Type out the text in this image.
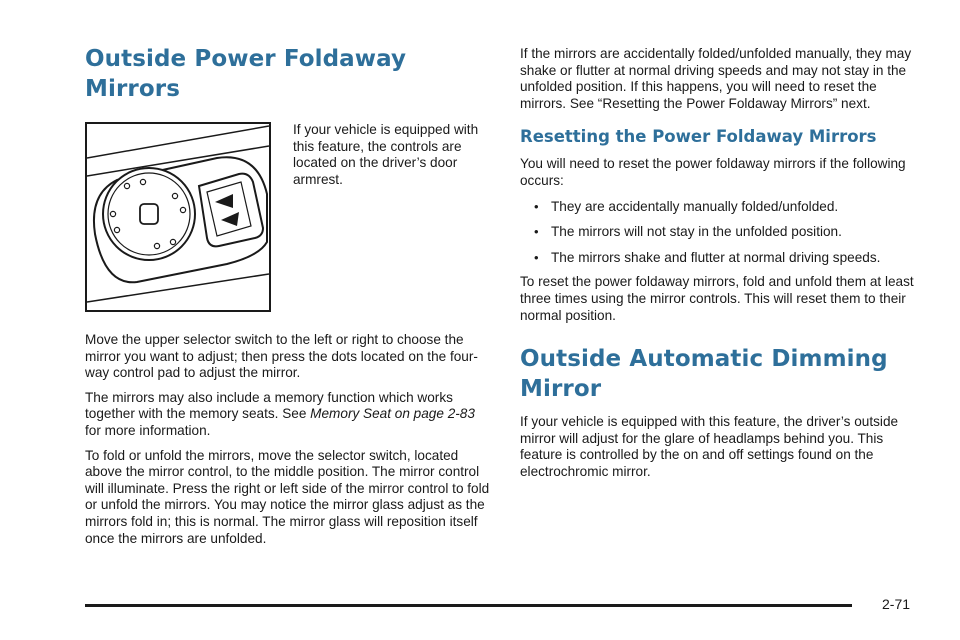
Outside Power Foldaway Mirrors

If your vehicle is equipped with this feature, the controls are located on the driver’s door armrest.

Move the upper selector switch to the left or right to choose the mirror you want to adjust; then press the dots located on the four-way control pad to adjust the mirror.

The mirrors may also include a memory function which works together with the memory seats. See Memory Seat on page 2-83 for more information.

To fold or unfold the mirrors, move the selector switch, located above the mirror control, to the middle position. The mirror control will illuminate. Press the right or left side of the mirror control to fold or unfold the mirrors. You may notice the mirror glass adjust as the mirrors fold in; this is normal. The mirror glass will reposition itself once the mirrors are unfolded.

If the mirrors are accidentally folded/unfolded manually, they may shake or flutter at normal driving speeds and may not stay in the unfolded position. If this happens, you will need to reset the mirrors. See “Resetting the Power Foldaway Mirrors” next.

Resetting the Power Foldaway Mirrors

You will need to reset the power foldaway mirrors if the following occurs:

• They are accidentally manually folded/unfolded.
• The mirrors will not stay in the unfolded position.
• The mirrors shake and flutter at normal driving speeds.

To reset the power foldaway mirrors, fold and unfold them at least three times using the mirror controls. This will reset them to their normal position.

Outside Automatic Dimming Mirror

If your vehicle is equipped with this feature, the driver’s outside mirror will adjust for the glare of headlamps behind you. This feature is controlled by the on and off settings found on the electrochromic mirror.

2-71
